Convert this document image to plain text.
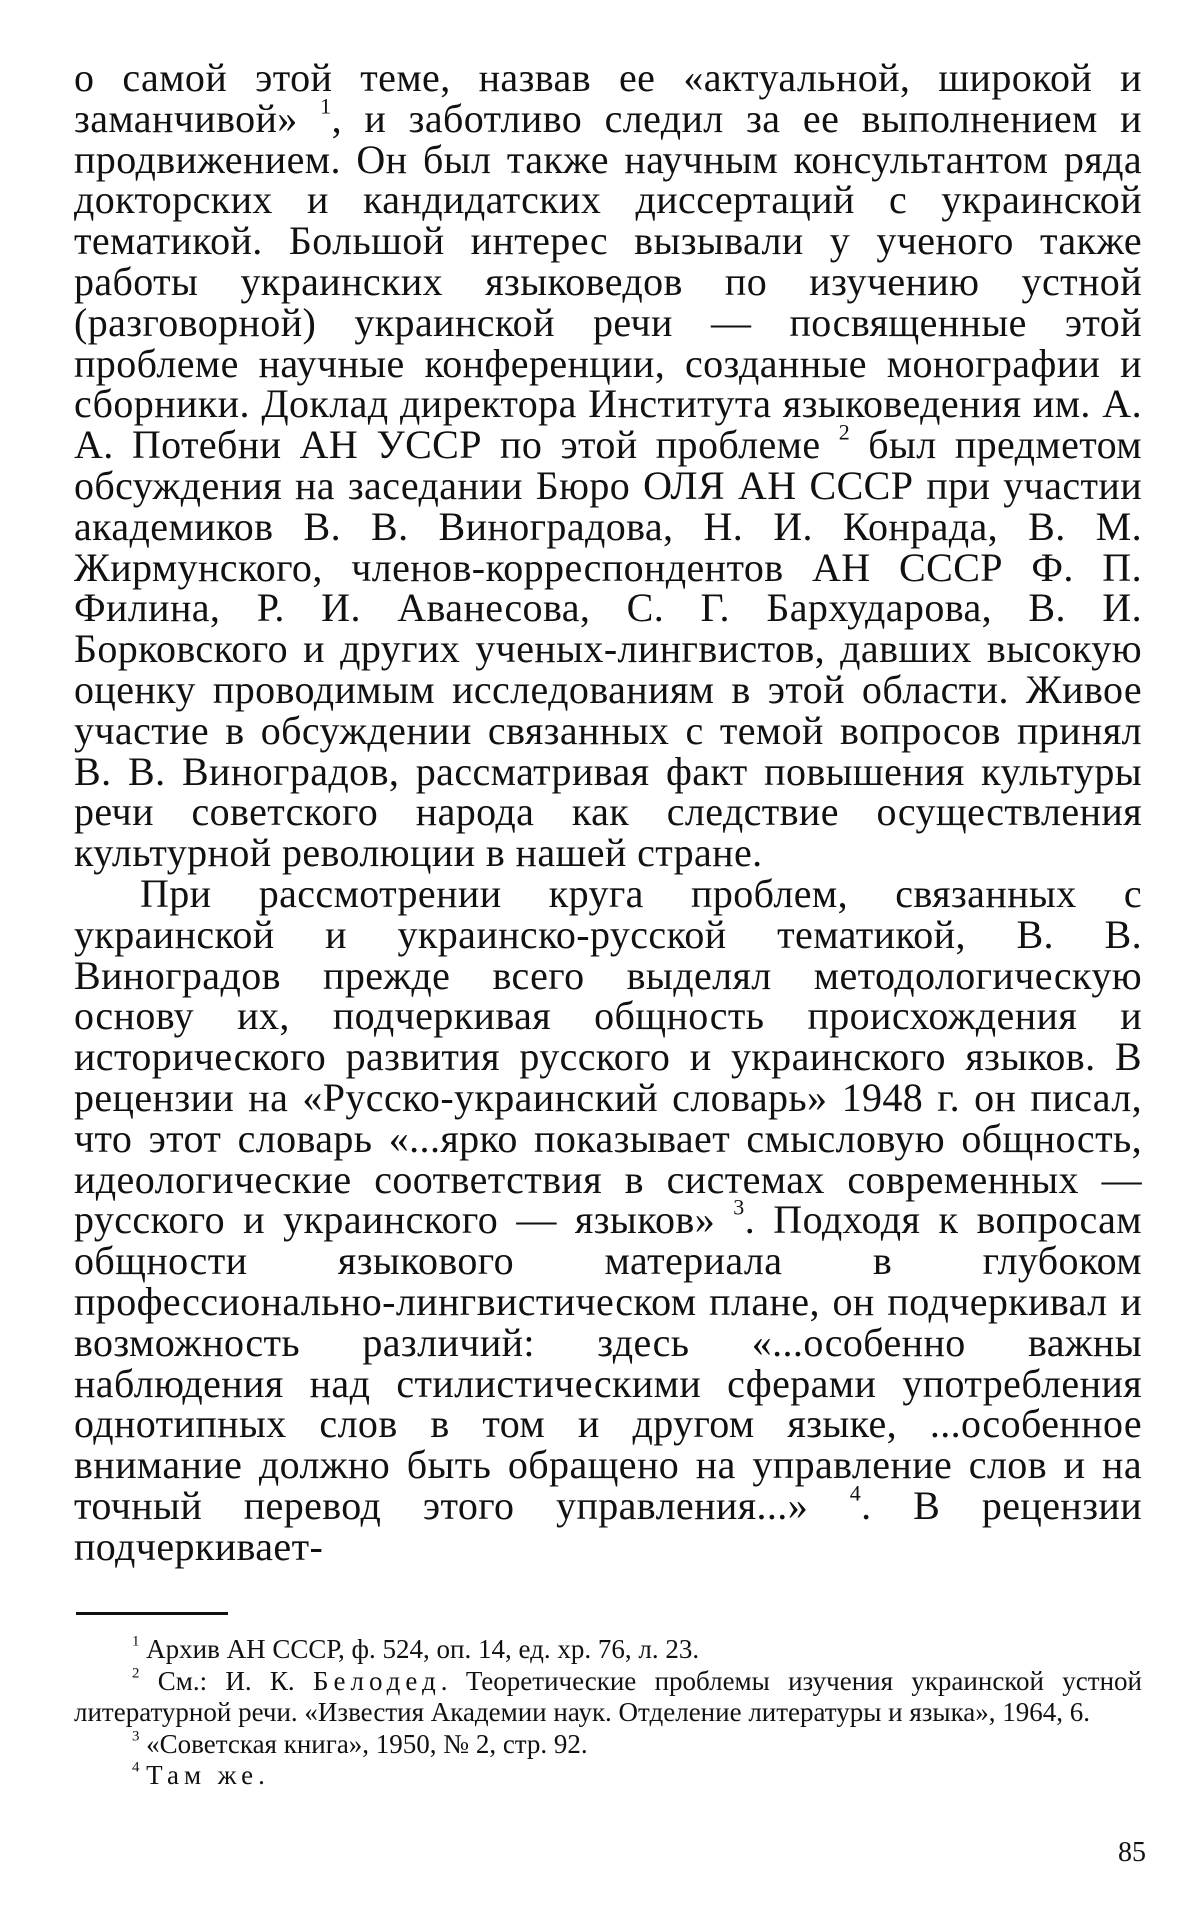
о самой этой теме, назвав ее «актуальной, широкой и заманчивой» $^1$, и заботливо следил за ее выполнением и продвижением. Он был также научным консультантом ряда докторских и кандидатских диссертаций с украинской тематикой. Большой интерес вызывали у ученого также работы украинских языковедов по изучению устной (разговорной) украинской речи — посвященные этой проблеме научные конференции, созданные монографии и сборники. Доклад директора Института языковедения им. А. А. Потебни АН УССР по этой проблеме $^2$ был предметом обсуждения на заседании Бюро ОЛЯ АН СССР при участии академиков В. В. Виноградова, Н. И. Конрада, В. М. Жирмунского, членов-корреспондентов АН СССР Ф. П. Филина, Р. И. Аванесова, С. Г. Бархударова, В. И. Борковского и других ученых-лингвистов, давших высокую оценку проводимым исследованиям в этой области. Живое участие в обсуждении связанных с темой вопросов принял В. В. Виноградов, рассматривая факт повышения культуры речи советского народа как следствие осуществления культурной революции в нашей стране.

При рассмотрении круга проблем, связанных с украинской и украинско-русской тематикой, В. В. Виноградов прежде всего выделял методологическую основу их, подчеркивая общность происхождения и исторического развития русского и украинского языков. В рецензии на «Русско-украинский словарь» 1948 г. он писал, что этот словарь «...ярко показывает смысловую общность, идеологические соответствия в системах современных — русского и украинского — языков» $^3$. Подходя к вопросам общности языкового материала в глубоком профессионально-лингвистическом плане, он подчеркивал и возможность различий: здесь «...особенно важны наблюдения над стилистическими сферами употребления однотипных слов в том и другом языке, ...особенное внимание должно быть обращено на управление слов и на точный перевод этого управления...» $^4$. В рецензии подчеркивает-

$^1$ Архив АН СССР, ф. 524, оп. 14, ед. хр. 76, л. 23.

$^2$ См.: И. К. Белодед. Теоретические проблемы изучения украинской устной литературной речи. «Известия Академии наук. Отделение литературы и языка», 1964, 6.

$^3$ «Советская книга», 1950, № 2, стр. 92.

$^4$ Там же.

85
